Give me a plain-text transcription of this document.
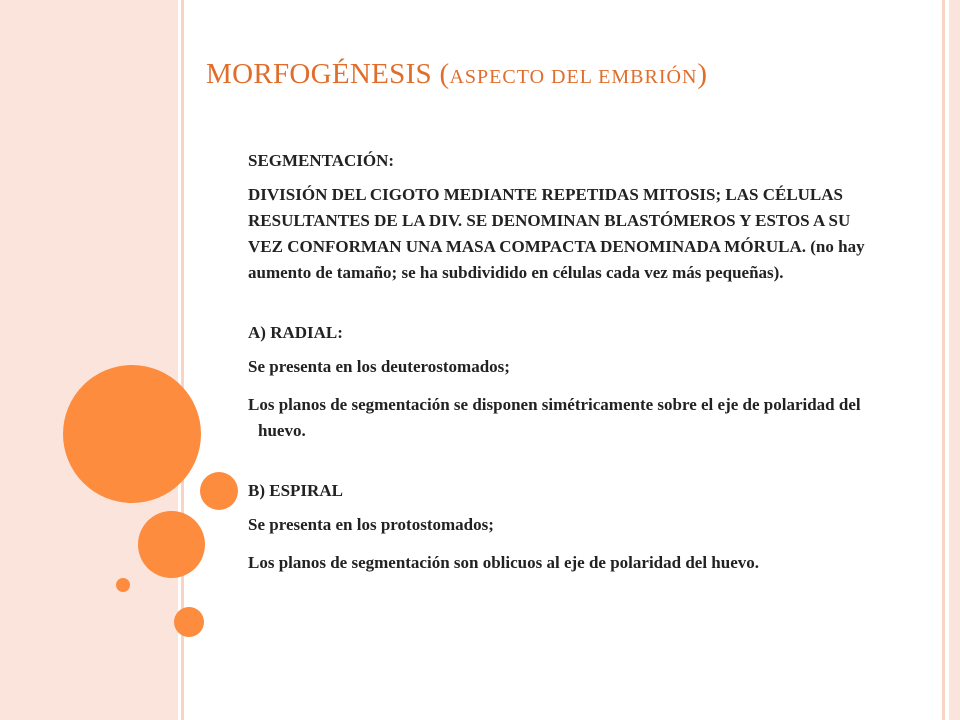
MORFOGÉNESIS (ASPECTO DEL EMBRIÓN)

SEGMENTACIÓN:

DIVISIÓN DEL CIGOTO MEDIANTE REPETIDAS MITOSIS; LAS CÉLULAS RESULTANTES DE LA DIV. SE DENOMINAN BLASTÓMEROS Y ESTOS A SU VEZ CONFORMAN UNA MASA COMPACTA DENOMINADA MÓRULA. (no hay aumento de tamaño; se ha subdividido en células cada vez más pequeñas).

A) RADIAL:

Se presenta en los deuterostomados;

Los planos de segmentación se disponen simétricamente sobre el eje de polaridad del huevo.

B) ESPIRAL

Se presenta en los protostomados;

Los planos de segmentación son oblicuos al eje de polaridad del huevo.
